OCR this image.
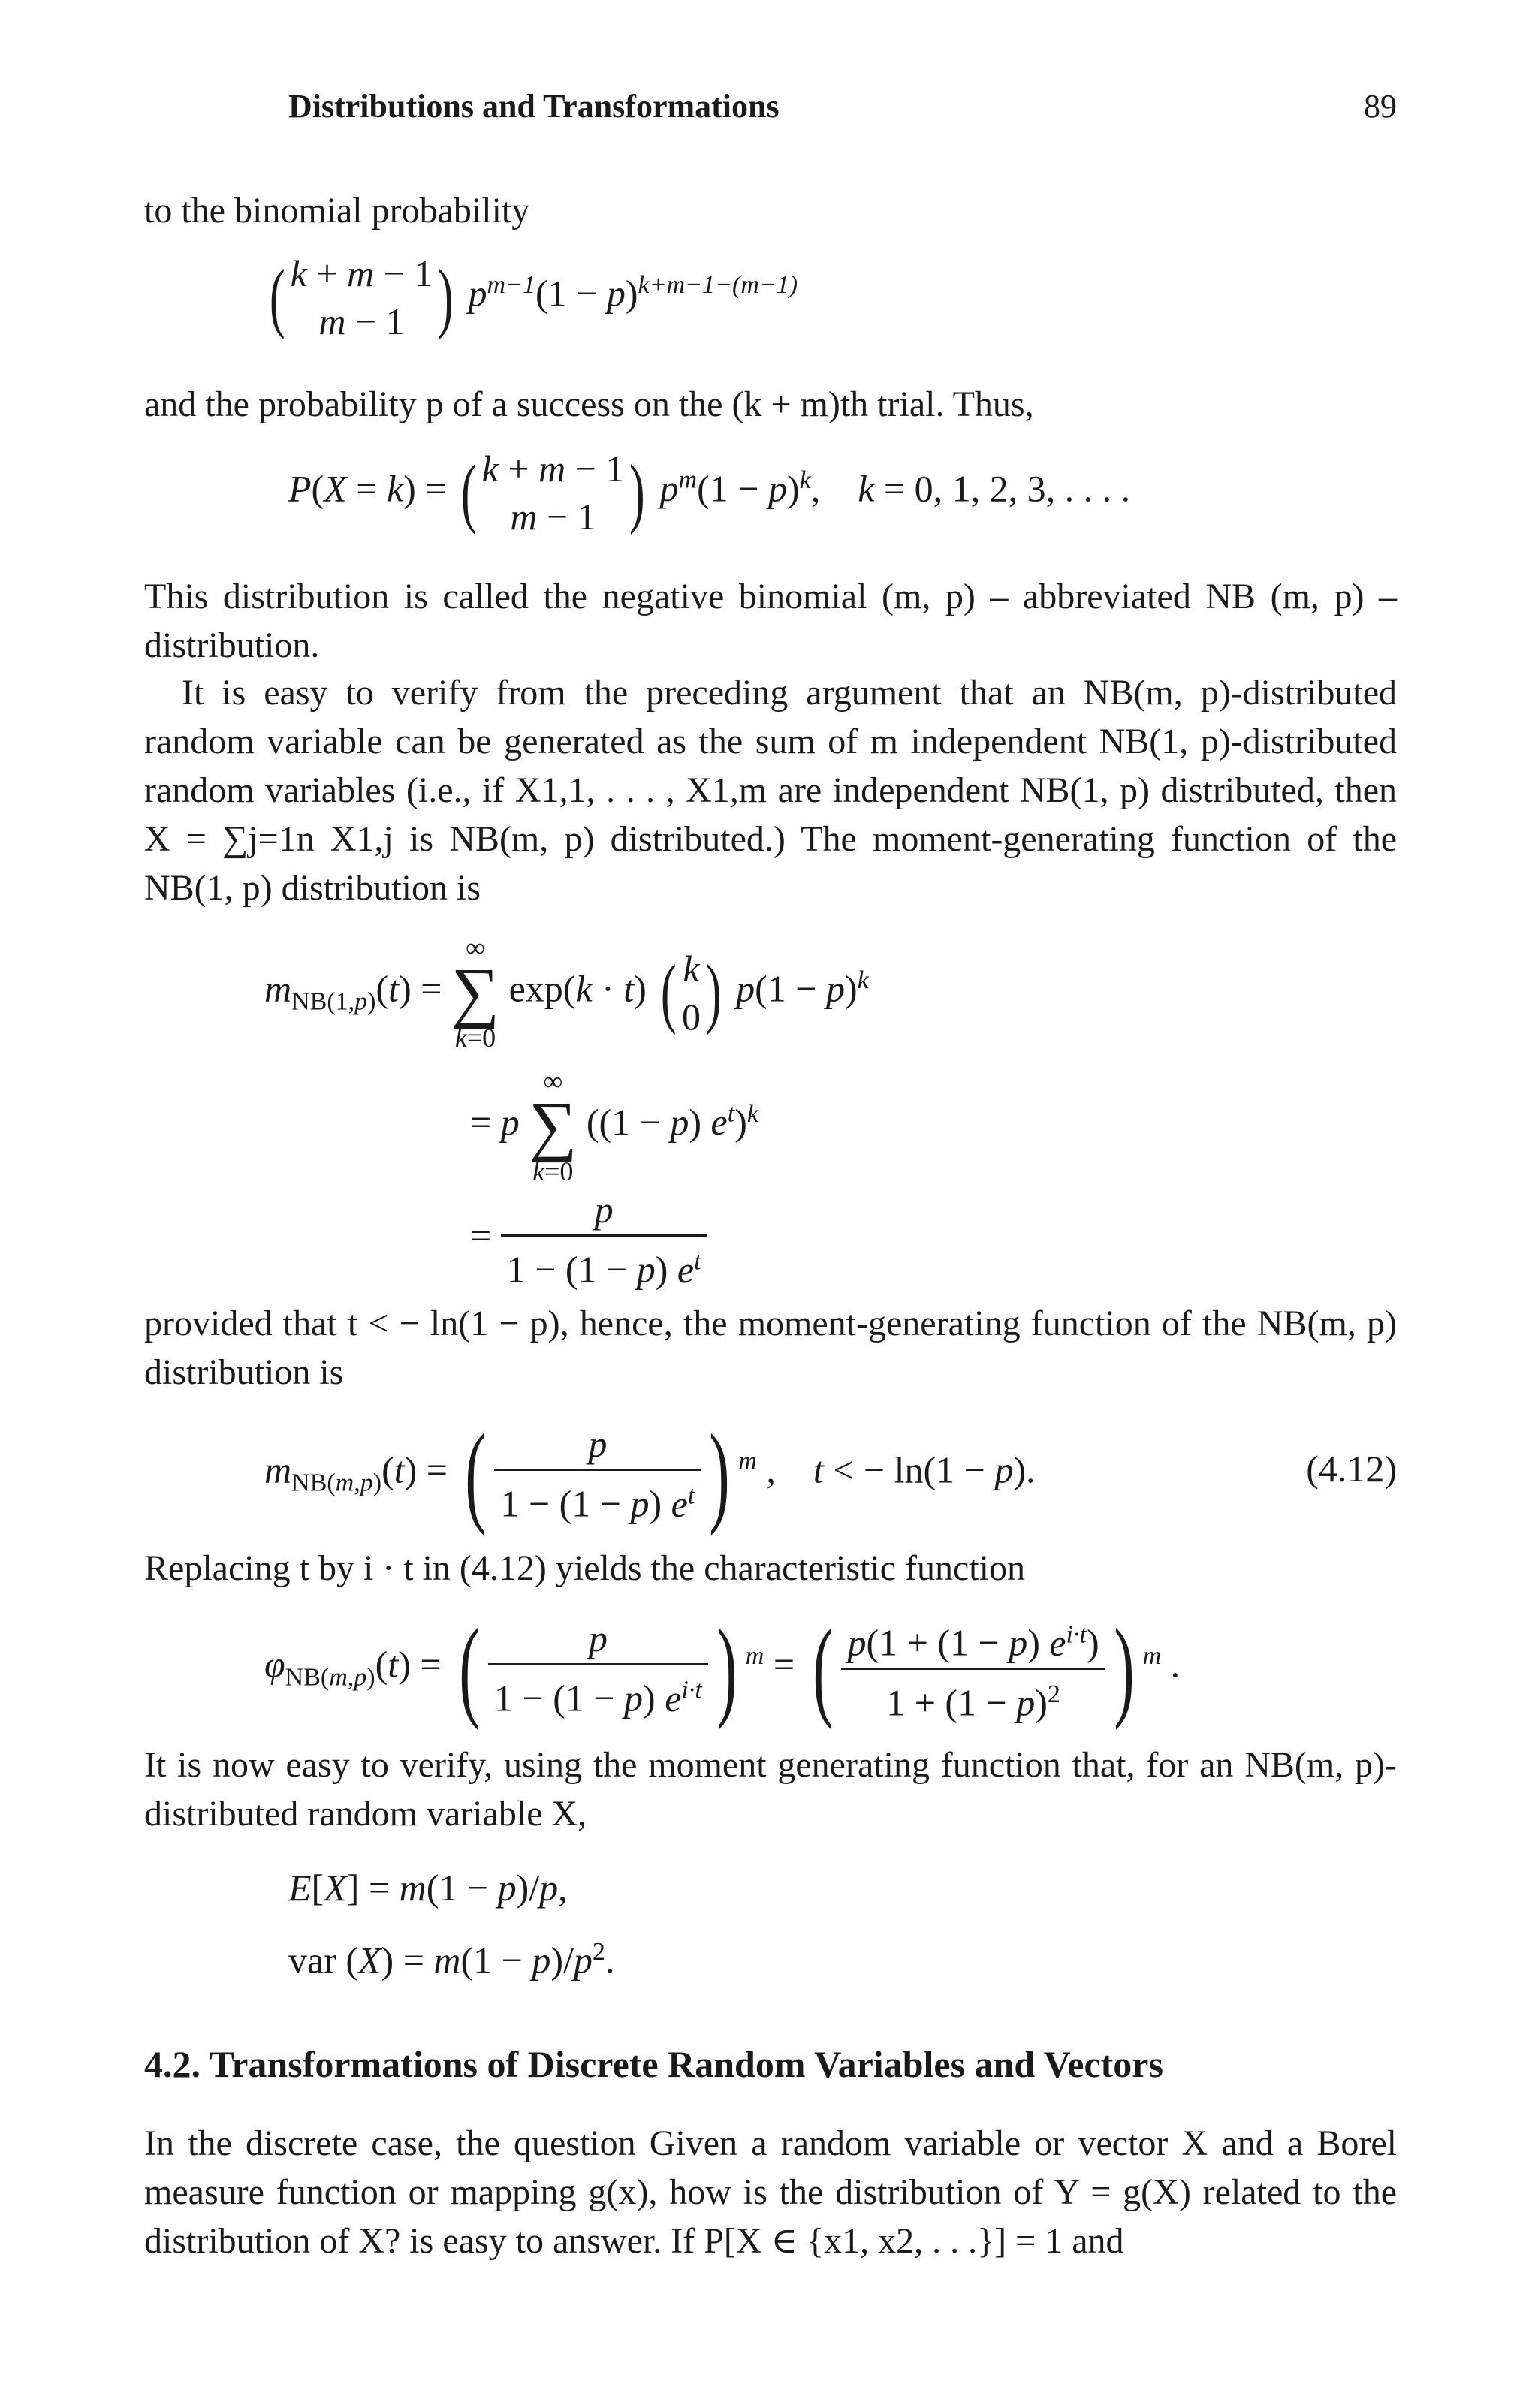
Distributions and Transformations	89
to the binomial probability
( k + m − 1
m − 1 ) $p^{m-1}(1 - p)^{k+m-1-(m-1)}$
and the probability p of a success on the (k + m)th trial. Thus,
P(X = k) = ( k + m − 1
m − 1 ) $p^m(1 - p)^k$,    k = 0, 1, 2, 3, . . . .
This distribution is called the negative binomial (m, p) – abbreviated NB (m, p) – distribution.
It is easy to verify from the preceding argument that an NB(m, p)-distributed random variable can be generated as the sum of m independent NB(1, p)-distributed random variables (i.e., if X1,1, . . . , X1,m are independent NB(1, p) distributed, then X = ∑j=1n X1,j is NB(m, p) distributed.) The moment-generating function of the NB(1, p) distribution is
$m_{NB(1,p)}(t)$ =
∞
∑
k=0
exp(k · t) ( k
0) $p(1 - p)^k$
= p
∞
∑
k=0
((1 − p) $e^t)^k$
= $\frac{p}{1 - (1 - p) e^t}$
provided that t < − ln(1 − p), hence, the moment-generating function of the NB(m, p) distribution is
$m_{NB(m,p)}(t)$ = ( $\frac{p}{1 - (1 - p) e^t}$ ) $^m$ ,    t < − ln(1 − p).	(4.12)
Replacing t by i · t in (4.12) yields the characteristic function
$\varphi_{NB(m,p)}(t)$ = ( $\frac{p}{1 - (1 - p) e^{i\cdot t}}$ ) $^m$ = ( $\frac{p(1 + (1 - p) e^{i\cdot t})}{1 + (1 - p)^2}$ ) $^m$ .
It is now easy to verify, using the moment generating function that, for an NB(m, p)-distributed random variable X,
E[X] = m(1 − p)/p,
var $(X) = m(1 - p)/p^2$.
4.2. Transformations of Discrete Random Variables and Vectors
In the discrete case, the question Given a random variable or vector X and a Borel measure function or mapping g(x), how is the distribution of Y = g(X) related to the distribution of X? is easy to answer. If P[X ∈ {x1, x2, . . .}] = 1 and
